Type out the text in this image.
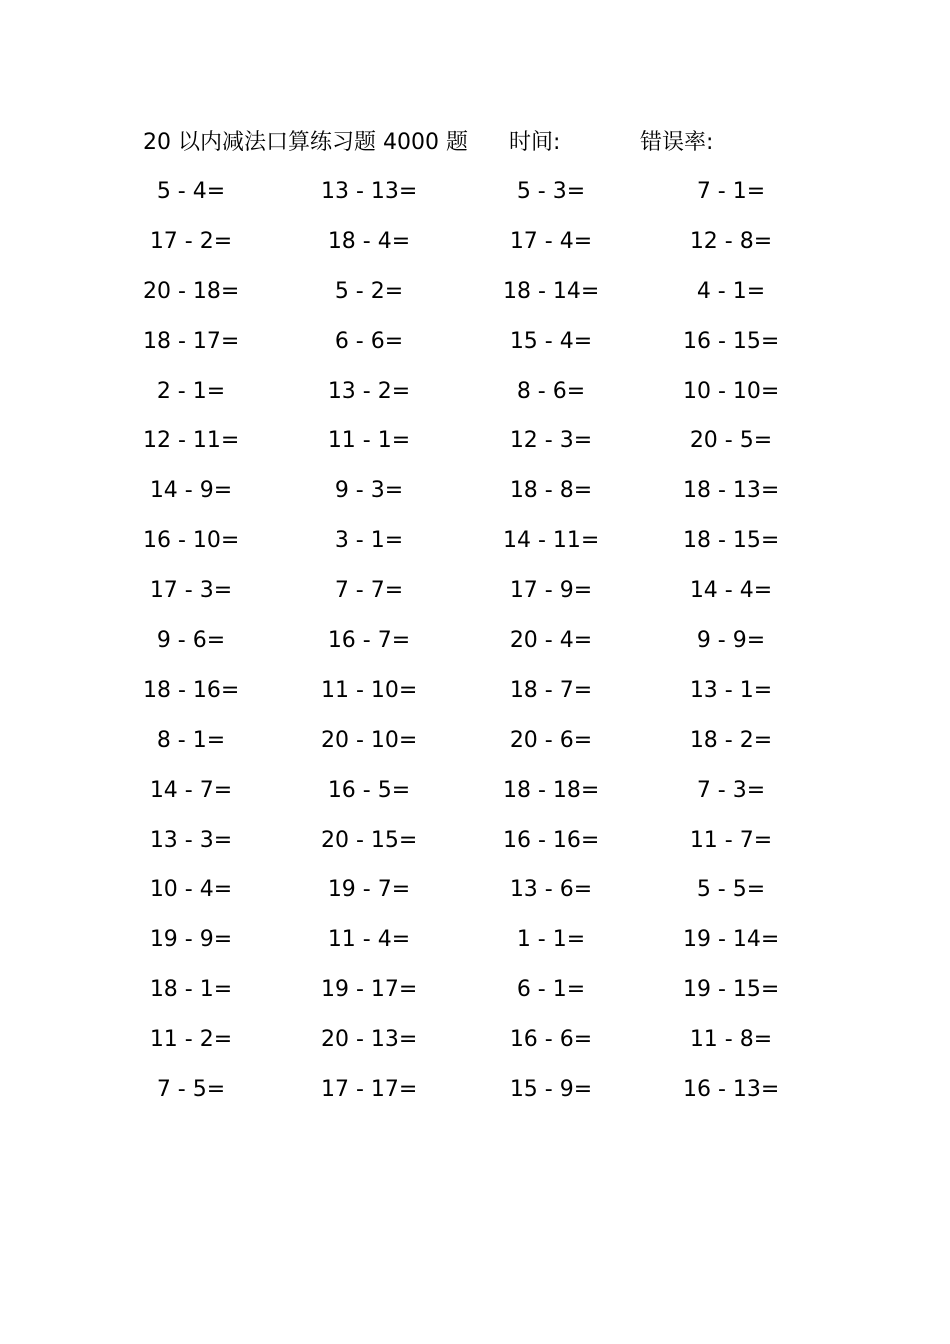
20 以内减法口算练习题 4000 题 时间:	错误率:
5 - 4=	13 - 13=	5 - 3=	7 - 1=
17 - 2=	18 - 4=	17 - 4=	12 - 8=
20 - 18=	5 - 2=	18 - 14=	4 - 1=
18 - 17=	6 - 6=	15 - 4=	16 - 15=
2 - 1=	13 - 2=	8 - 6=	10 - 10=
12 - 11=	11 - 1=	12 - 3=	20 - 5=
14 - 9=	9 - 3=	18 - 8=	18 - 13=
16 - 10=	3 - 1=	14 - 11=	18 - 15=
17 - 3=	7 - 7=	17 - 9=	14 - 4=
9 - 6=	16 - 7=	20 - 4=	9 - 9=
18 - 16=	11 - 10=	18 - 7=	13 - 1=
8 - 1=	20 - 10=	20 - 6=	18 - 2=
14 - 7=	16 - 5=	18 - 18=	7 - 3=
13 - 3=	20 - 15=	16 - 16=	11 - 7=
10 - 4=	19 - 7=	13 - 6=	5 - 5=
19 - 9=	11 - 4=	1 - 1=	19 - 14=
18 - 1=	19 - 17=	6 - 1=	19 - 15=
11 - 2=	20 - 13=	16 - 6=	11 - 8=
7 - 5=	17 - 17=	15 - 9=	16 - 13=
